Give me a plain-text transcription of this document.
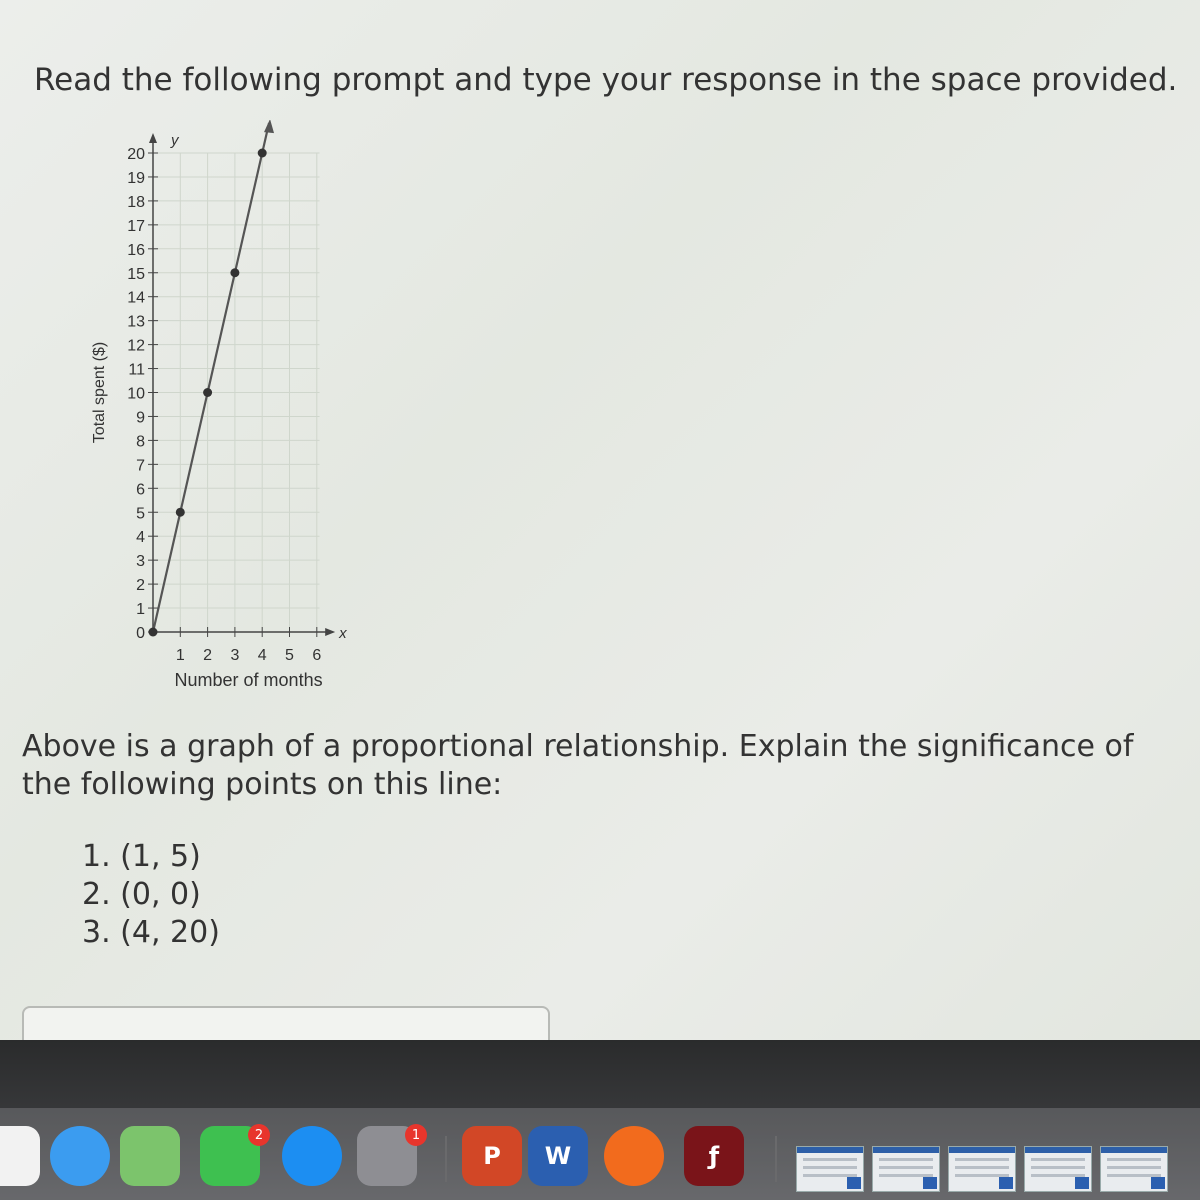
Read the following prompt and type your response in the space provided.
x
y
0
1
2
3
4
5
6
7
8
9
10
11
12
13
14
15
16
17
18
19
20
1 2 3 4 5 6
Number of months
Total spent ($)
Above is a graph of a proportional relationship. Explain the significance of the following points on this line:
1. (1, 5)
2. (0, 0)
3. (4, 20)
2	1
P W	ƒ
